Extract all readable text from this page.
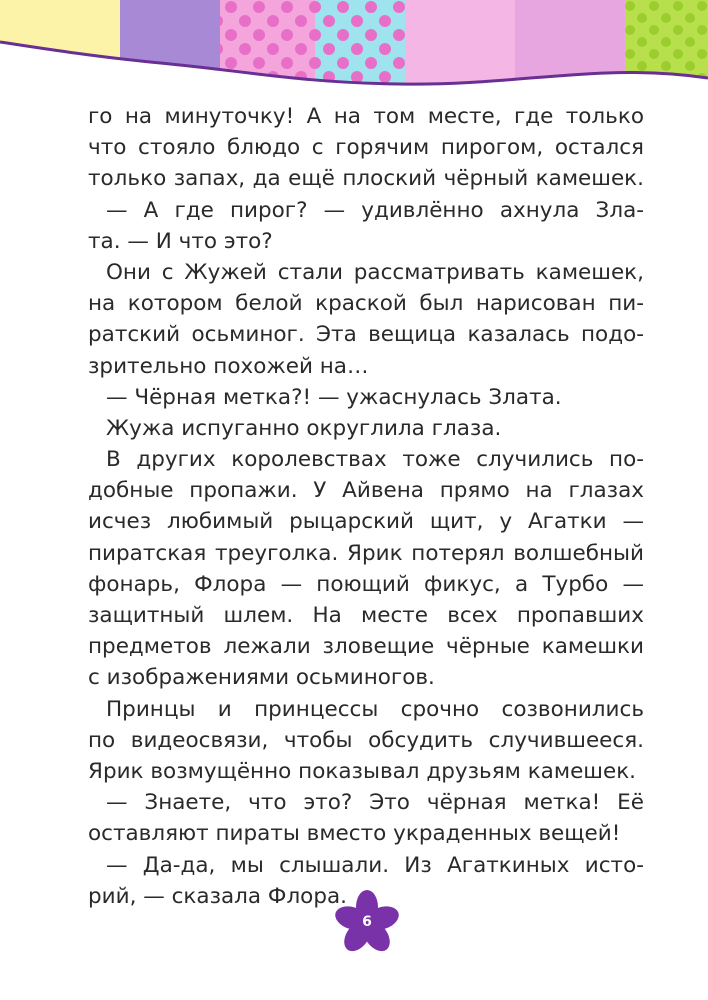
го на минуточку! А на том месте, где только
что стояло блюдо с горячим пирогом, остался
только запах, да ещё плоский чёрный камешек.
— А где пирог? — удивлённо ахнула Зла-
та. — И что это?
Они с Жужей стали рассматривать камешек,
на котором белой краской был нарисован пи-
ратский осьминог. Эта вещица казалась подо-
зрительно похожей на…
— Чёрная метка?! — ужаснулась Злата.
Жужа испуганно округлила глаза.
В других королевствах тоже случились по-
добные пропажи. У Айвена прямо на глазах
исчез любимый рыцарский щит, у Агатки —
пиратская треуголка. Ярик потерял волшебный
фонарь, Флора — поющий фикус, а Турбо —
защитный шлем. На месте всех пропавших
предметов лежали зловещие чёрные камешки
с изображениями осьминогов.
Принцы и принцессы срочно созвонились
по видеосвязи, чтобы обсудить случившееся.
Ярик возмущённо показывал друзьям камешек.
— Знаете, что это? Это чёрная метка! Её
оставляют пираты вместо украденных вещей!
— Да-да, мы слышали. Из Агаткиных исто-
рий, — сказала Флора.
6
